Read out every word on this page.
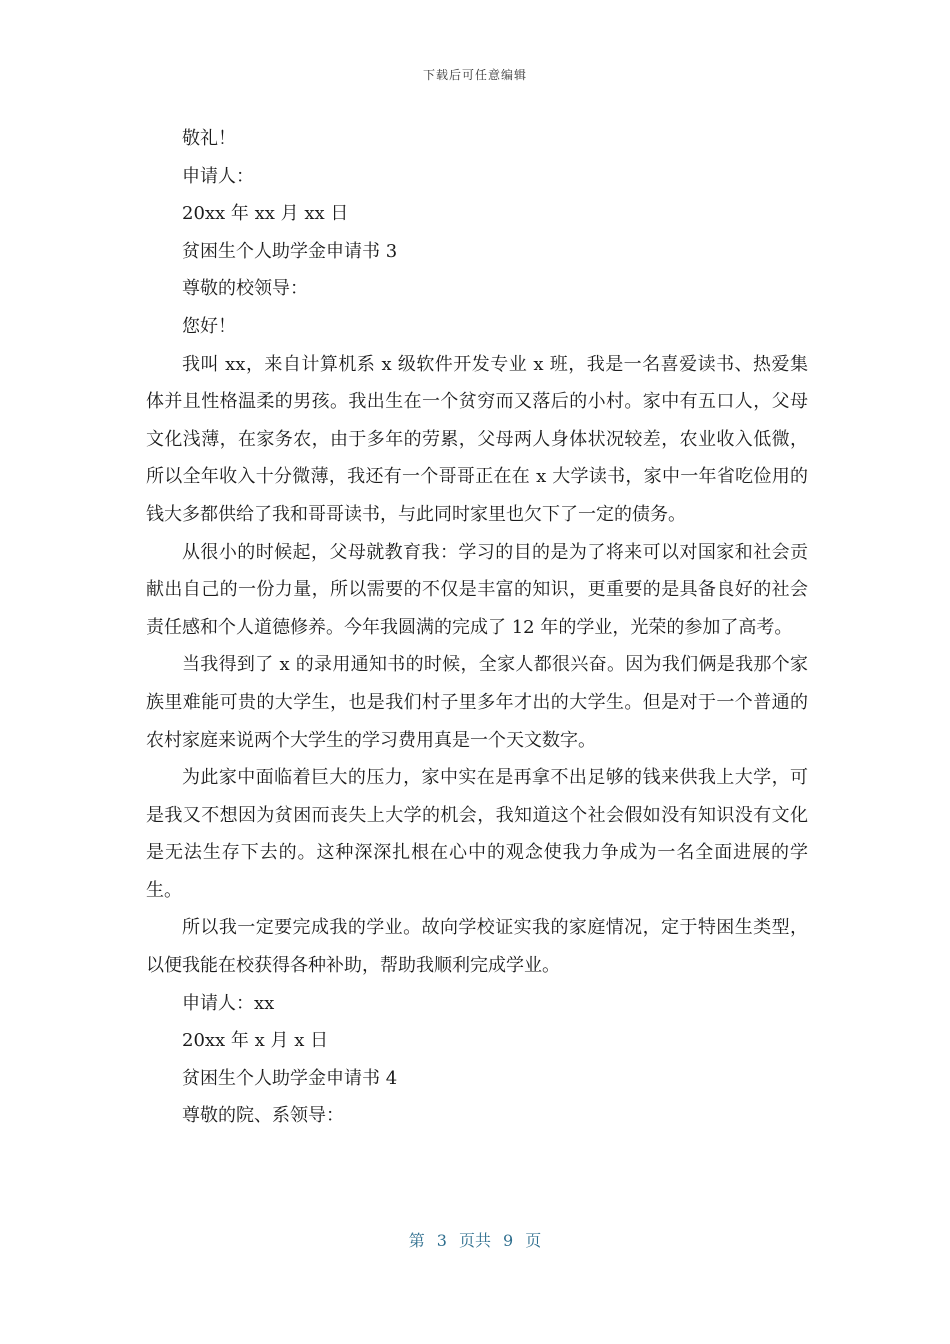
下载后可任意编辑

敬礼！

申请人：

20xx 年 xx 月 xx 日

贫困生个人助学金申请书 3

尊敬的校领导：

您好！

我叫 xx，来自计算机系 x 级软件开发专业 x 班，我是一名喜爱读书、热爱集体并且性格温柔的男孩。我出生在一个贫穷而又落后的小村。家中有五口人，父母文化浅薄，在家务农，由于多年的劳累，父母两人身体状况较差，农业收入低微，所以全年收入十分微薄，我还有一个哥哥正在在 x 大学读书，家中一年省吃俭用的钱大多都供给了我和哥哥读书，与此同时家里也欠下了一定的债务。

从很小的时候起，父母就教育我：学习的目的是为了将来可以对国家和社会贡献出自己的一份力量，所以需要的不仅是丰富的知识，更重要的是具备良好的社会责任感和个人道德修养。今年我圆满的完成了 12 年的学业，光荣的参加了高考。

当我得到了 x 的录用通知书的时候，全家人都很兴奋。因为我们俩是我那个家族里难能可贵的大学生，也是我们村子里多年才出的大学生。但是对于一个普通的农村家庭来说两个大学生的学习费用真是一个天文数字。

为此家中面临着巨大的压力，家中实在是再拿不出足够的钱来供我上大学，可是我又不想因为贫困而丧失上大学的机会，我知道这个社会假如没有知识没有文化是无法生存下去的。这种深深扎根在心中的观念使我力争成为一名全面进展的学生。

所以我一定要完成我的学业。故向学校证实我的家庭情况，定于特困生类型，以便我能在校获得各种补助，帮助我顺利完成学业。

申请人：xx

20xx 年 x 月 x 日

贫困生个人助学金申请书 4

尊敬的院、系领导：

第 3 页共 9 页
